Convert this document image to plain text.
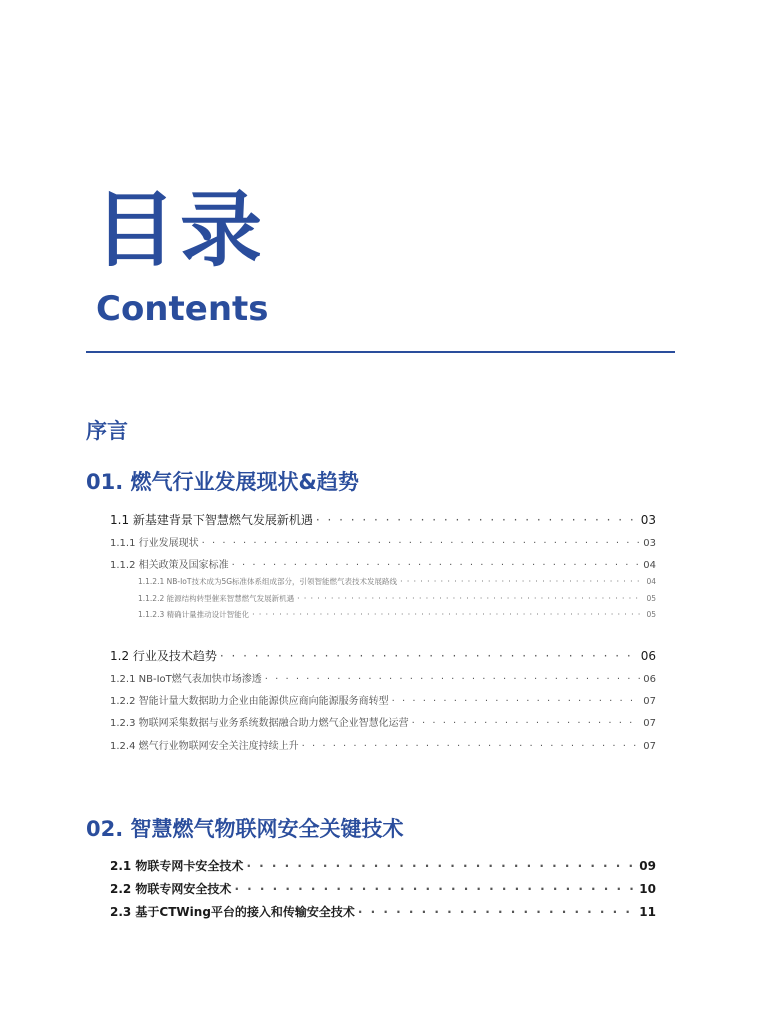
目录
Contents
序言
01. 燃气行业发展现状&趋势
1.1 新基建背景下智慧燃气发展新机遇 · · ·	03
1.1.1 行业发展现状 · · ·	03
1.1.2 相关政策及国家标准 · · ·	04
1.1.2.1 NB-IoT技术成为5G标准体系组成部分，引领智能燃气表技术发展路线 · · ·	04
1.1.2.2 能源结构转型催来智慧燃气发展新机遇 · · ·	05
1.1.2.3 精确计量推动设计智能化 · · ·	05
1.2 行业及技术趋势 · · ·	06
1.2.1 NB-IoT燃气表加快市场渗透 · · ·	06
1.2.2 智能计量大数据助力企业由能源供应商向能源服务商转型 · · ·	07
1.2.3 物联网采集数据与业务系统数据融合助力燃气企业智慧化运营 · · ·	07
1.2.4 燃气行业物联网安全关注度持续上升 · · ·	07
02. 智慧燃气物联网安全关键技术
2.1 物联专网卡安全技术 · · ·	09
2.2 物联专网安全技术 · · ·	10
2.3 基于CTWing平台的接入和传输安全技术 · · ·	11
